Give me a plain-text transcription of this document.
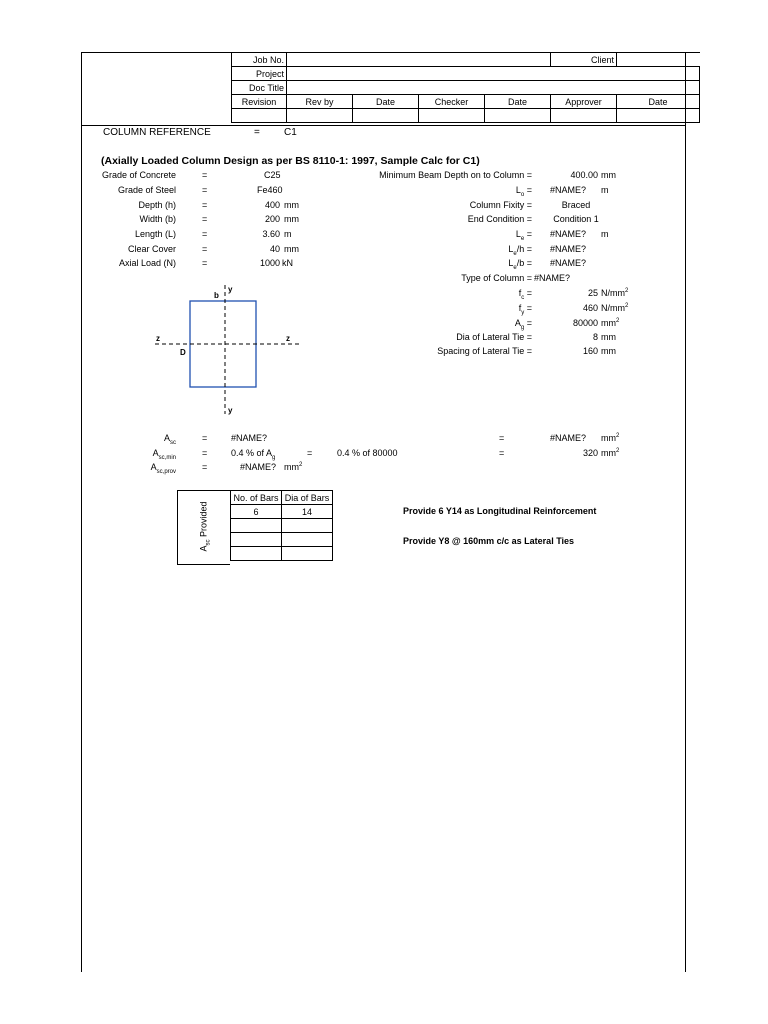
Job No.					Client	
Project						
Doc Title						
Revision	Rev by	Date	Checker	Date	Approver	Date

COLUMN REFERENCE	= C1
(Axially Loaded Column Design as per BS 8110-1: 1997, Sample Calc for C1)
Grade of Concrete	=	C25
Grade of Steel	=	Fe460
Depth (h)	=	400 mm
Width (b)	=	200 mm
Length (L)	=	3.60 m
Clear Cover	=	40 mm
Axial Load (N)	=	1000 kN
Minimum Beam Depth on to Column =	400.00 mm
$L_o$ = #NAME? m
Column Fixity =	Braced
End Condition =	Condition 1
$L_e$ = #NAME? m
$L_e/h$ = #NAME?
$L_e/b$ = #NAME?
Type of Column = #NAME?
$f_c$ =	25 $N/mm^2$
$f_y$ =	460 $N/mm^2$
$A_g$ =	80000 $mm^2$
Dia of Lateral Tie =	8 mm
Spacing of Lateral Tie =	160 mm
b
y
y
z	z
D
$A_{sc}$	=	#NAME?	=	#NAME? $mm^2$
$A_{sc,min}$	=	0.4 % of $A_g$	=	0.4 % of 80000	=	320 $mm^2$
$A_{sc,prov}$	=	#NAME? $mm^2$
$A_{sc}$ Provided
No. of Bars	Dia of Bars
6	14

		Provide 6 Y14 as Longitudinal Reinforcement
Provide Y8 @ 160mm c/c as Lateral Ties
